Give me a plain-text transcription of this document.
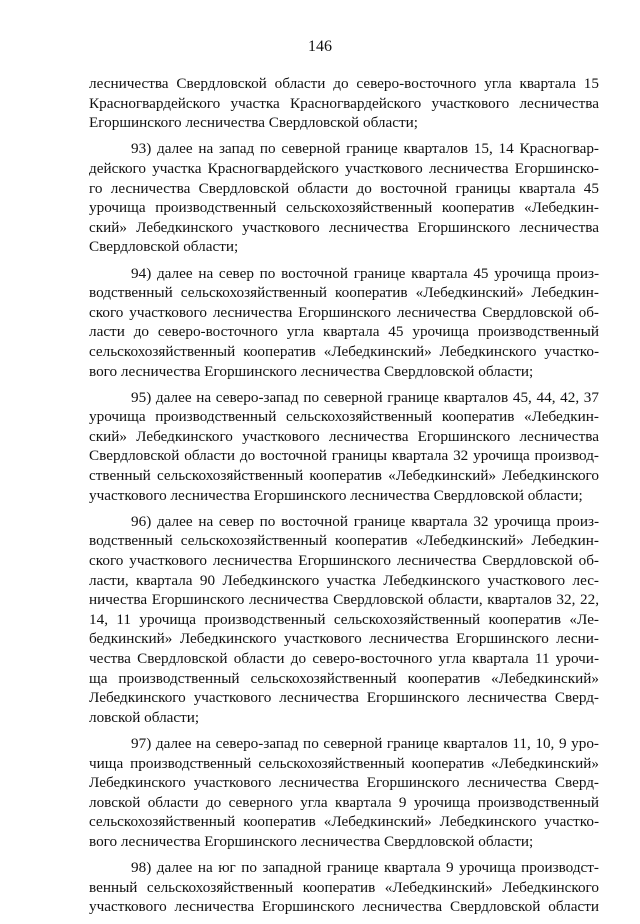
146
лесничества Свердловской области до северо-восточного угла квартала 15
Красногвардейского участка Красногвардейского участкового лесничества
Егоршинского лесничества Свердловской области;
93) далее на запад по северной границе кварталов 15, 14 Красногвар-
дейского участка Красногвардейского участкового лесничества Егоршинско-
го лесничества Свердловской области до восточной границы квартала 45
урочища производственный сельскохозяйственный кооператив «Лебедкин-
ский» Лебедкинского участкового лесничества Егоршинского лесничества
Свердловской области;
94) далее на север по восточной границе квартала 45 урочища произ-
водственный сельскохозяйственный кооператив «Лебедкинский» Лебедкин-
ского участкового лесничества Егоршинского лесничества Свердловской об-
ласти до северо-восточного угла квартала 45 урочища производственный
сельскохозяйственный кооператив «Лебедкинский» Лебедкинского участко-
вого лесничества Егоршинского лесничества Свердловской области;
95) далее на северо-запад по северной границе кварталов 45, 44, 42, 37
урочища производственный сельскохозяйственный кооператив «Лебедкин-
ский» Лебедкинского участкового лесничества Егоршинского лесничества
Свердловской области до восточной границы квартала 32 урочища производ-
ственный сельскохозяйственный кооператив «Лебедкинский» Лебедкинского
участкового лесничества Егоршинского лесничества Свердловской области;
96) далее на север по восточной границе квартала 32 урочища произ-
водственный сельскохозяйственный кооператив «Лебедкинский» Лебедкин-
ского участкового лесничества Егоршинского лесничества Свердловской об-
ласти, квартала 90 Лебедкинского участка Лебедкинского участкового лес-
ничества Егоршинского лесничества Свердловской области, кварталов 32, 22,
14, 11 урочища производственный сельскохозяйственный кооператив «Ле-
бедкинский» Лебедкинского участкового лесничества Егоршинского лесни-
чества Свердловской области до северо-восточного угла квартала 11 урочи-
ща производственный сельскохозяйственный кооператив «Лебедкинский»
Лебедкинского участкового лесничества Егоршинского лесничества Сверд-
ловской области;
97) далее на северо-запад по северной границе кварталов 11, 10, 9 уро-
чища производственный сельскохозяйственный кооператив «Лебедкинский»
Лебедкинского участкового лесничества Егоршинского лесничества Сверд-
ловской области до северного угла квартала 9 урочища производственный
сельскохозяйственный кооператив «Лебедкинский» Лебедкинского участко-
вого лесничества Егоршинского лесничества Свердловской области;
98) далее на юг по западной границе квартала 9 урочища производст-
венный сельскохозяйственный кооператив «Лебедкинский» Лебедкинского
участкового лесничества Егоршинского лесничества Свердловской области
